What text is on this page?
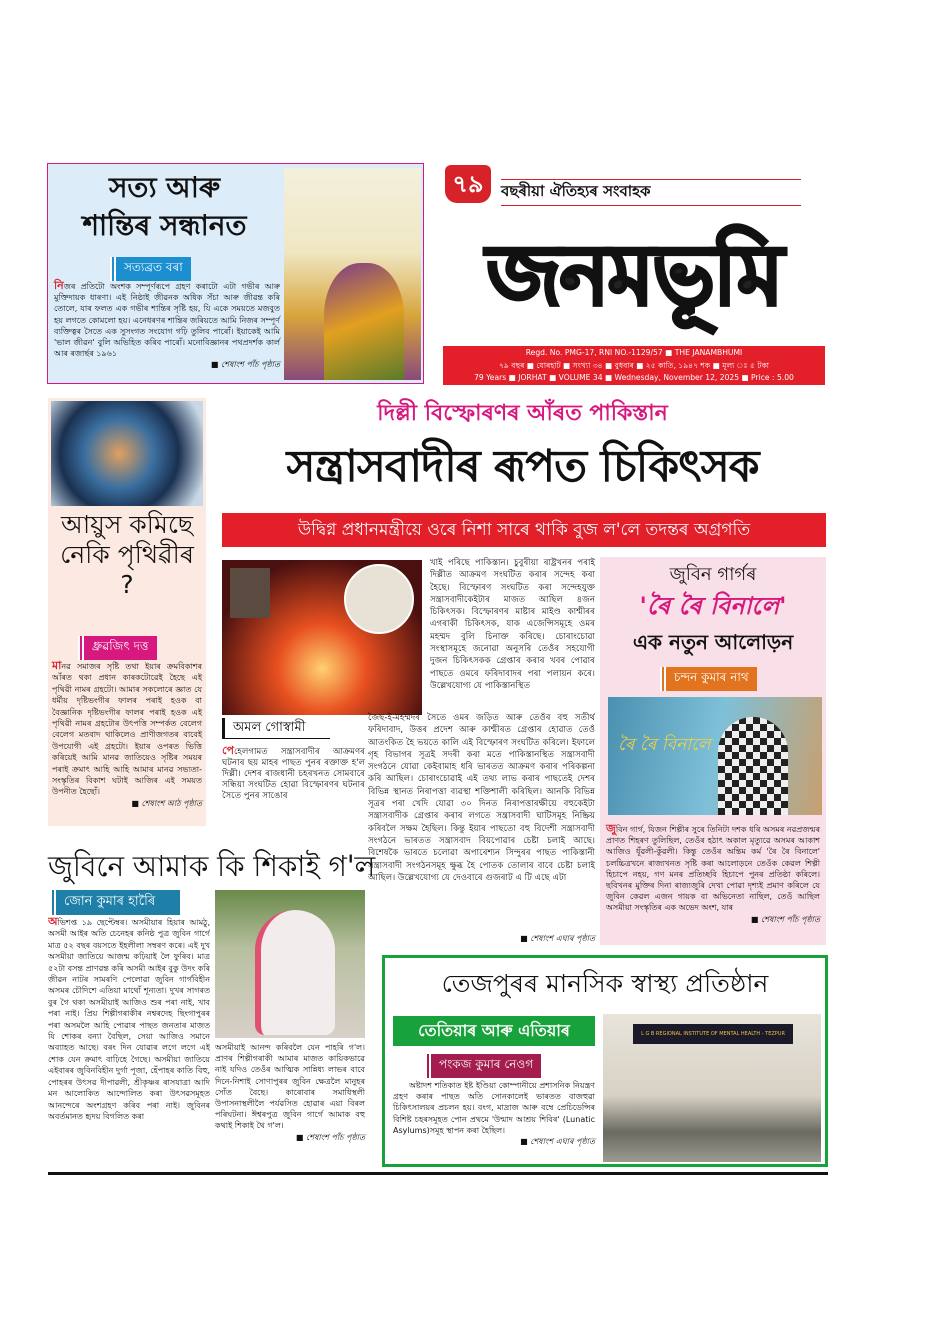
সত্য আৰু
শান্তিৰ সন্ধানত
সত্যব্রত বৰা
নিজৰ প্ৰতিটো অংশক সম্পূৰ্ণৰূপে গ্ৰহণ কৰাটো এটা গভীৰ আৰু মুক্তিদায়ক ধাৰণা। এই নিষ্ঠাই জীৱনক অধিক সঁচা আৰু জীৱন্ত কৰি তোলে, যাৰ ফলত এক গভীৰ শান্তিৰ সৃষ্টি হয়, যি একে সময়তে মজবুত হয় লগতে কোমলো হয়। এনেধৰণৰ শান্তিৰ জৰিয়তে আমি নিজৰ সম্পূৰ্ণ ব্যক্তিত্বৰ সৈতে এক সুসংগত সংযোগ গঢ়ি তুলিব পাৰোঁ। ইয়াকেই আমি 'ভাল জীৱন' বুলি অভিহিত কৰিব পাৰোঁ। মনোবিজ্ঞানৰ পথপ্ৰদৰ্শক কাৰ্ল আৰ ৰজাৰ্ছৰ ১৯৬১
■ শেষাংশ পাঁচ পৃষ্ঠাত
৭৯	বছৰীয়া ঐতিহ্যৰ সংবাহক
জনমভূমি
Regd. No. PMG-17, RNI NO.-1129/57 ■ THE JANAMBHUMI
৭৯ বছৰ ■ যোৰহাট ■ সংখ্যা ৩৪ ■ বুধবাৰ ■ ২৫ কাতি, ১৯৪৭ শক ■ মূল্য ঃ ৫ টকা
79 Years ■ JORHAT ■ VOLUME 34 ■ Wednesday, November 12, 2025 ■ Price : 5.00
আয়ুস কমিছে নেকি পৃথিৱীৰ ?
ধ্ৰুৱজিৎ দত্ত
মানৱ সমাজৰ সৃষ্টি তথা ইয়াৰ ক্ৰমবিকাশৰ আঁৰত থকা প্ৰধান কাৰকটোৱেই হৈছে এই পৃথিৱী নামৰ গ্ৰহটো। আমাৰ সকলোৰে জ্ঞাত যে ধৰ্মীয় দৃষ্টিভংগীৰ ফালৰ পৰাই হওক বা বৈজ্ঞানিক দৃষ্টিভংগীৰ ফালৰ পৰাই হওক এই পৃথিৱী নামৰ গ্ৰহটোৰ উৎপত্তি সম্পৰ্কত বেলেগ বেলেগ মতবাদ থাকিলেও প্ৰাণীজগতৰ বাবেই উপযোগী এই গ্ৰহটো। ইয়াৰ ওপৰত ভিত্তি কৰিয়েই আমি মানৱ জাতিয়েও সৃষ্টিৰ সময়ৰ পৰাই ক্ৰমাৎ আহি আহি আমাৰ মানৱ সভ্যতা-সংস্কৃতিৰ বিকাশ ঘটাই আজিৰ এই সময়ত উপনীত হৈছোঁ।
■ শেষাংশ আঠ পৃষ্ঠাত
দিল্লী বিস্ফোৰণৰ আঁৰত পাকিস্তান
সন্ত্ৰাসবাদীৰ ৰূপত চিকিৎসক
উদ্বিগ্ন প্ৰধানমন্ত্ৰীয়ে ওৰে নিশা সাৰে থাকি বুজ ল'লে তদন্তৰ অগ্ৰগতি
অমল গোস্বামী
পেহেলগামত সন্ত্ৰাসবাদীৰ আক্ৰমণৰ ঘটনাৰ ছয় মাহৰ পাছত পুনৰ ৰক্তাক্ত হ'ল দিল্লী। দেশৰ ৰাজধানী চহৰখনত সোমবাৰে সন্ধিয়া সংঘটিত হোৱা বিস্ফোৰণৰ ঘটনাৰ সৈতে পুনৰ সাঙোৰ
খাই পৰিছে পাকিস্তান। চুবুৰীয়া ৰাষ্ট্ৰখনৰ পৰাই দিল্লীত আক্ৰমণ সংঘটিত কৰাৰ সন্দেহ কৰা হৈছে। বিস্ফোৰণ সংঘটিত কৰা সন্দেহযুক্ত সন্ত্ৰাসবাদীকেইটাৰ মাজত আছিল ৪জন চিকিৎসক। বিস্ফোৰণৰ মাষ্টাৰ মাইণ্ড কাশ্মীৰৰ এগৰাকী চিকিৎসক, যাক এজেন্সিসমূহে ওমৰ মহম্মদ বুলি চিনাক্ত কৰিছে। চোৰাংচোৱা সংস্থাসমূহে জনোৱা অনুসৰি তেওঁৰ সহযোগী দুজন চিকিৎসকক গ্ৰেপ্তাৰ কৰাৰ খবৰ পোৱাৰ পাছতে ওমৰে ফৰিদাবাদৰ পৰা পলায়ন কৰে। উল্লেখযোগ্য যে পাকিস্তানস্থিত
জৈছ-ই-মহম্মদৰ সৈতে ওমৰ জড়িত আৰু তেওঁৰ বহু সতীৰ্থ ফৰিদাবাদ, উত্তৰ প্ৰদেশ আৰু কাশ্মীৰত গ্ৰেপ্তাৰ হোৱাত তেওঁ আতংকিত হৈ ভয়তে কালি এই বিস্ফোৰণ সংঘটিত কৰিলে। ইফালে গৃহ বিভাগৰ সূত্ৰই সদৰী কৰা মতে পাকিস্তানস্থিত সন্ত্ৰাসবাদী সংগঠনে যোৱা কেইবামাহ ধৰি ভাৰতত আক্ৰমণ কৰাৰ পৰিকল্পনা কৰি আছিল। চোৰাংচোৱাই এই তথ্য লাভ কৰাৰ পাছতেই দেশৰ বিভিন্ন স্থানত নিৰাপত্তা ব্যৱস্থা শক্তিশালী কৰিছিল। আনকি বিভিন্ন সূত্ৰৰ পৰা খেদি যোৱা ৩০ দিনত নিৰাপত্তাৰক্ষীয়ে বহুকেইটা সন্ত্ৰাসবাদীক গ্ৰেপ্তাৰ কৰাৰ লগতে সন্ত্ৰাসবাদী ঘাটিসমূহ নিষ্ক্ৰিয় কৰিবলৈ সক্ষম হৈছিল। কিন্তু ইয়াৰ পাছতো বহু বিদেশী সন্ত্ৰাসবাদী সংগঠনে ভাৰতত সন্ত্ৰাসবাদ বিয়পোৱাৰ চেষ্টা চলাই আছে। বিশেষকৈ ভাৰতে চলোৱা অপাৰেশ্যন সিন্দুৰৰ পাছত পাকিস্তানী সন্ত্ৰাসবাদী সংগঠনসমূহ ক্ষুব্ধ হৈ পোতক তোলাৰ বাবে চেষ্টা চলাই আছিল। উল্লেখযোগ্য যে দেওবাৰে গুজৰাট এ টি এছে এটা
■ শেষাংশ এঘাৰ পৃষ্ঠাত
জুবিন গাৰ্গৰ
'ৰৈ ৰৈ বিনালে'
এক নতুন আলোড়ন
চন্দন কুমাৰ নাথ
ৰৈ ৰৈ বিনালে
জুবিন গাৰ্গ, যিজন শিল্পীৰ সুৰে তিনিটা দশক ধৰি অসমৰ নৱপ্ৰজন্মৰ প্ৰাণত শিহৰণ তুলিছিল, তেওঁৰ হঠাৎ অকাল মৃত্যুৱে অসমৰ আকাশ আজিও ধূঁৱলী-কুঁৱলী। কিন্তু তেওঁৰ অন্তিম কৰ্ম 'ৰৈ ৰৈ বিনালে' চলচ্চিত্ৰখনে ৰাজ্যখনত সৃষ্টি কৰা আলোড়নে তেওঁক কেৱল শিল্পী হিচাপে নহয়, গণ মনৰ প্ৰতিচ্ছবি হিচাপে পুনৰ প্ৰতিষ্ঠা কৰিলে। ছবিখনৰ মুক্তিৰ দিনা ৰাজ্যজুৰি দেখা পোৱা দৃশ্যই প্ৰমাণ কৰিলে যে জুবিন কেৱল এজন গায়ক বা অভিনেতা নাছিল, তেওঁ আছিল অসমীয়া সংস্কৃতিৰ এক অভেদ অংশ, যাৰ
■ শেষাংশ পাঁচ পৃষ্ঠাত
জুবিনে আমাক কি শিকাই গ'ল
জোন কুমাৰ হাৰিৈ
অভিশপ্ত ১৯ ছেপ্টেম্বৰ। অসমীয়াৰ হিয়াৰ আমঠু, অসমী আইৰ অতি চেনেহৰ কনিষ্ঠ পুত্ৰ জুবিন গাৰ্গে মাত্ৰ ৫২ বছৰ বয়সতে ইহলীলা সম্বৰণ কৰে। এই দুখ অসমীয়া জাতিয়ে আজন্ম কঢ়িয়াই লৈ ফুৰিব। মাত্ৰ ৫২টা বসন্ত প্ৰাণৱন্ত কৰি অসমী আইৰ বুকু উদং কৰি জীৱন নাটৰ সামৰণি পেলোৱা জুবিন গাৰ্গবিহীন অসমৰ চৌদিশে এতিয়া মাথোঁ শূন্যতা। দুখৰ সাগৰত বুৰ গৈ থকা অসমীয়াই আজিও শুৰ পৰা নাই, খাব পৰা নাই। প্ৰিয় শিল্পীগৰাকীৰ নশ্বৰদেহ ছিংগাপুৰৰ পৰা অসমলৈ আহি পোৱাৰ পাছত জনতাৰ মাজত যি শোকৰ বন্যা বৈছিল, সেয়া আজিও সমানে অব্যাহত আছে। বৰং দিন যোৱাৰ লগে লগে এই শোক যেন ক্ৰমাৎ বাঢ়িহে গৈছে। অসমীয়া জাতিয়ে এইবাৰৰ জুবিনবিহীন দুৰ্গা পূজা, হেঁপাহৰ কাতি বিহু, পোহৰৰ উৎসৱ দীপাৱলী, শ্ৰীকৃষ্ণৰ ৰাসযাত্ৰা আদি মন আলোকিত আন্দোলিত কৰা উৎসৱসমূহত আনন্দেৰে অংশগ্ৰহণ কৰিব পৰা নাই। জুবিনৰ অবৰ্তমানত হৃদয় বিগলিত কৰা
অসমীয়াই আনন্দ কৰিবলৈ যেন পাহৰি গ'ল। প্ৰাণৰ শিল্পীগৰাকী আমাৰ মাজত কায়িকভাৱে নাই যদিও তেওঁৰ আত্মিক সান্নিধ্য লাভৰ বাবে দিনে-নিশাই সোণাপুৰৰ জুবিন ক্ষেত্ৰলৈ মানুহৰ সোঁত বৈছে। কাৰোবাৰ সমাধিস্থলী উপাসনাস্থলীলৈ পৰ্যৱসিত হোৱাৰ এয়া বিৰল পৰিঘটনা। ঈশ্বৰপুত্ৰ জুবিন গাৰ্গে আমাক বহু কথাই শিকাই থৈ গ'ল।
■ শেষাংশ পাঁচ পৃষ্ঠাত
তেজপুৰৰ মানসিক স্বাস্থ্য প্ৰতিষ্ঠান
তেতিয়াৰ আৰু এতিয়াৰ
পংকজ কুমাৰ নেওগ
অষ্টাদশ শতিকাত ইষ্ট ইণ্ডিয়া কোম্পানীয়ে প্ৰশাসনিক নিয়ন্ত্ৰণ গ্ৰহণ কৰাৰ পাছত অতি সোনকালেই ভাৰতত বাজহুৱা চিকিৎসালয়ৰ প্ৰচলন হয়। বংগ, মাদ্ৰাজ আৰু বম্বে প্ৰেচিডেন্সিৰ বিশিষ্ট চহৰসমূহত পোন প্ৰথমে 'উন্মাদ আশ্ৰয় শিবিৰ' (Lunatic Asylums)সমূহ স্থাপন কৰা হৈছিল।
■ শেষাংশ এঘাৰ পৃষ্ঠাত
L G B REGIONAL INSTITUTE OF MENTAL HEALTH - TEZPUR
